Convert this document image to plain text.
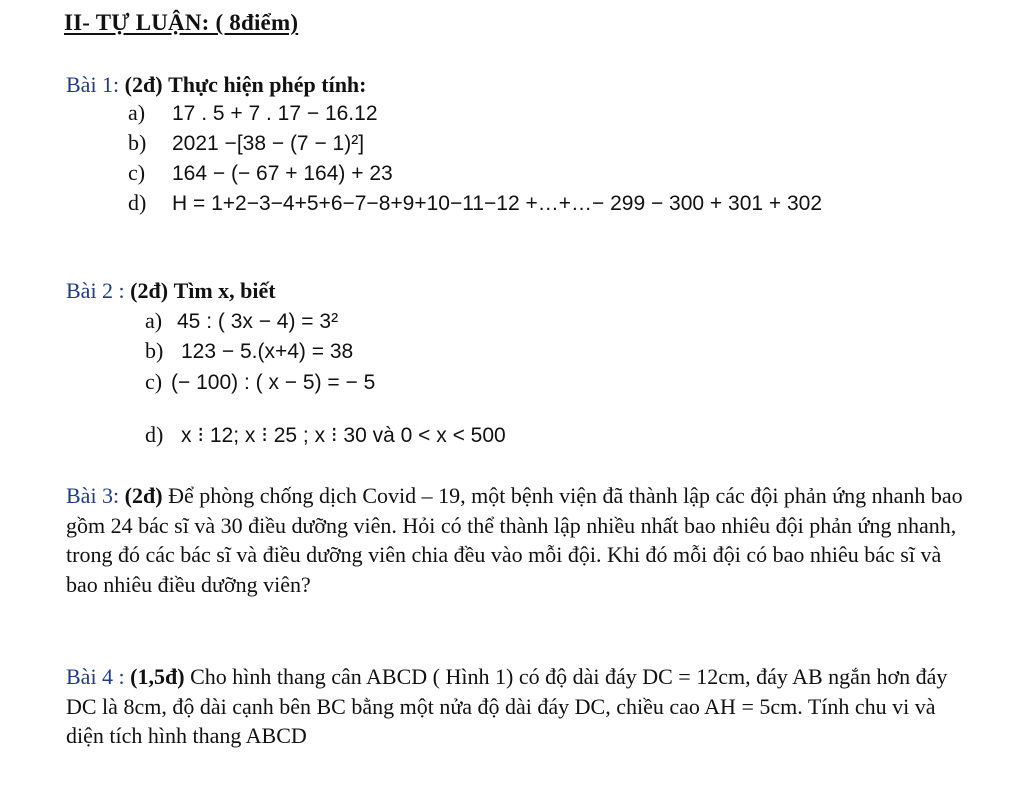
II- TỰ LUẬN: ( 8điểm)
Bài 1: (2đ) Thực hiện phép tính:
a) 17 . 5 + 7 . 17 − 16.12
b) 2021 −[38 − (7 − 1)²]
c) 164 − (− 67 + 164) + 23
d) H = 1+2−3−4+5+6−7−8+9+10−11−12 +…+…− 299 − 300 + 301 + 302
Bài 2 : (2đ) Tìm x, biết
a) 45 : ( 3x − 4) = 3²
b) 123 − 5.(x+4) = 38
c) (− 100) : ( x − 5) = − 5
d) x ⁝ 12; x ⁝ 25 ; x ⁝ 30 và 0 < x < 500
Bài 3: (2đ) Để phòng chống dịch Covid – 19, một bệnh viện đã thành lập các đội phản ứng nhanh bao gồm 24 bác sĩ và 30 điều dưỡng viên. Hỏi có thể thành lập nhiều nhất bao nhiêu đội phản ứng nhanh, trong đó các bác sĩ và điều dưỡng viên chia đều vào mỗi đội. Khi đó mỗi đội có bao nhiêu bác sĩ và bao nhiêu điều dưỡng viên?
Bài 4 : (1,5đ) Cho hình thang cân ABCD ( Hình 1) có độ dài đáy DC = 12cm, đáy AB ngắn hơn đáy DC là 8cm, độ dài cạnh bên BC bằng một nửa độ dài đáy DC, chiều cao AH = 5cm. Tính chu vi và diện tích hình thang ABCD
